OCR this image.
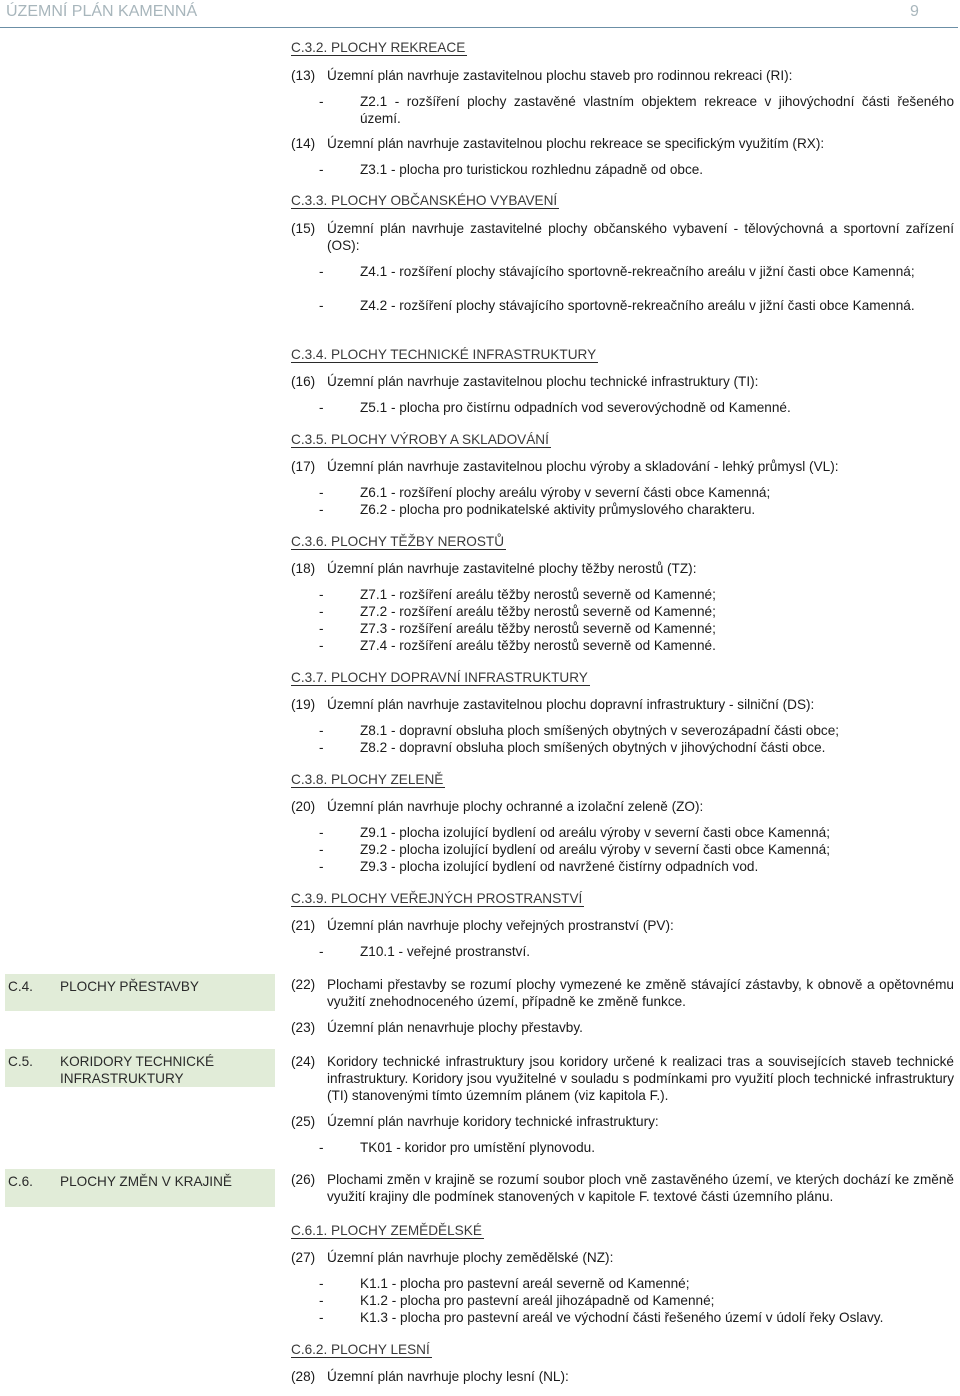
ÚZEMNÍ PLÁN KAMENNÁ	9
C.4. PLOCHY PŘESTAVBY
C.5. KORIDORY TECHNICKÉ INFRASTRUKTURY
C.6. PLOCHY ZMĚN V KRAJINĚ
C.3.2. PLOCHY REKREACE
C.3.3. PLOCHY OBČANSKÉHO VYBAVENÍ
C.3.4. PLOCHY TECHNICKÉ INFRASTRUKTURY
C.3.5. PLOCHY VÝROBY A SKLADOVÁNÍ
C.3.6. PLOCHY TĚŽBY NEROSTŮ
C.3.7. PLOCHY DOPRAVNÍ INFRASTRUKTURY
C.3.8. PLOCHY ZELENĚ
C.3.9. PLOCHY VEŘEJNÝCH PROSTRANSTVÍ
C.6.1. PLOCHY ZEMĚDĚLSKÉ
C.6.2. PLOCHY LESNÍ
(13) Územní plán navrhuje zastavitelnou plochu staveb pro rodinnou rekreaci (RI):
(14) Územní plán navrhuje zastavitelnou plochu rekreace se specifickým využitím (RX):
(15) Územní plán navrhuje zastavitelné plochy občanského vybavení - tělovýchovná a sportovní zařízení (OS):
(16) Územní plán navrhuje zastavitelnou plochu technické infrastruktury (TI):
(17) Územní plán navrhuje zastavitelnou plochu výroby a skladování - lehký průmysl (VL):
(18) Územní plán navrhuje zastavitelné plochy těžby nerostů (TZ):
(19) Územní plán navrhuje zastavitelnou plochu dopravní infrastruktury - silniční (DS):
(20) Územní plán navrhuje plochy ochranné a izolační zeleně (ZO):
(21) Územní plán navrhuje plochy veřejných prostranství (PV):
(22) Plochami přestavby se rozumí plochy vymezené ke změně stávající zástavby, k obnově a opětovnému využití znehodnoceného území, případně ke změně funkce.
(23) Územní plán nenavrhuje plochy přestavby.
(24) Koridory technické infrastruktury jsou koridory určené k realizaci tras a souvisejících staveb technické infrastruktury. Koridory jsou využitelné v souladu s podmínkami pro využití ploch technické infrastruktury (TI) stanovenými tímto územním plánem (viz kapitola F.).
(25) Územní plán navrhuje koridory technické infrastruktury:
(26) Plochami změn v krajině se rozumí soubor ploch vně zastavěného území, ve kterých dochází ke změně využití krajiny dle podmínek stanovených v kapitole F. textové části územního plánu.
(27) Územní plán navrhuje plochy zemědělské (NZ):
(28) Územní plán navrhuje plochy lesní (NL):
-	Z2.1 - rozšíření plochy zastavěné vlastním objektem rekreace v jihovýchodní části řešeného území.
-	Z3.1 - plocha pro turistickou rozhlednu západně od obce.
-	Z4.1 - rozšíření plochy stávajícího sportovně-rekreačního areálu v jižní časti obce Kamenná;
-	Z4.2 - rozšíření plochy stávajícího sportovně-rekreačního areálu v jižní časti obce Kamenná.
-	Z5.1 - plocha pro čistírnu odpadních vod severovýchodně od Kamenné.
-	Z6.1 - rozšíření plochy areálu výroby v severní části obce Kamenná;
-	Z6.2 - plocha pro podnikatelské aktivity průmyslového charakteru.
-	Z7.1 - rozšíření areálu těžby nerostů severně od Kamenné;
-	Z7.2 - rozšíření areálu těžby nerostů severně od Kamenné;
-	Z7.3 - rozšíření areálu těžby nerostů severně od Kamenné;
-	Z7.4 - rozšíření areálu těžby nerostů severně od Kamenné.
-	Z8.1 - dopravní obsluha ploch smíšených obytných v severozápadní části obce;
-	Z8.2 - dopravní obsluha ploch smíšených obytných v jihovýchodní části obce.
-	Z9.1 - plocha izolující bydlení od areálu výroby v severní časti obce Kamenná;
-	Z9.2 - plocha izolující bydlení od areálu výroby v severní časti obce Kamenná;
-	Z9.3 - plocha izolující bydlení od navržené čistírny odpadních vod.
-	Z10.1 - veřejné prostranství.
-	TK01 - koridor pro umístění plynovodu.
-	K1.1 - plocha pro pastevní areál severně od Kamenné;
-	K1.2 - plocha pro pastevní areál jihozápadně od Kamenné;
-	K1.3 - plocha pro pastevní areál ve východní části řešeného území v údolí řeky Oslavy.
